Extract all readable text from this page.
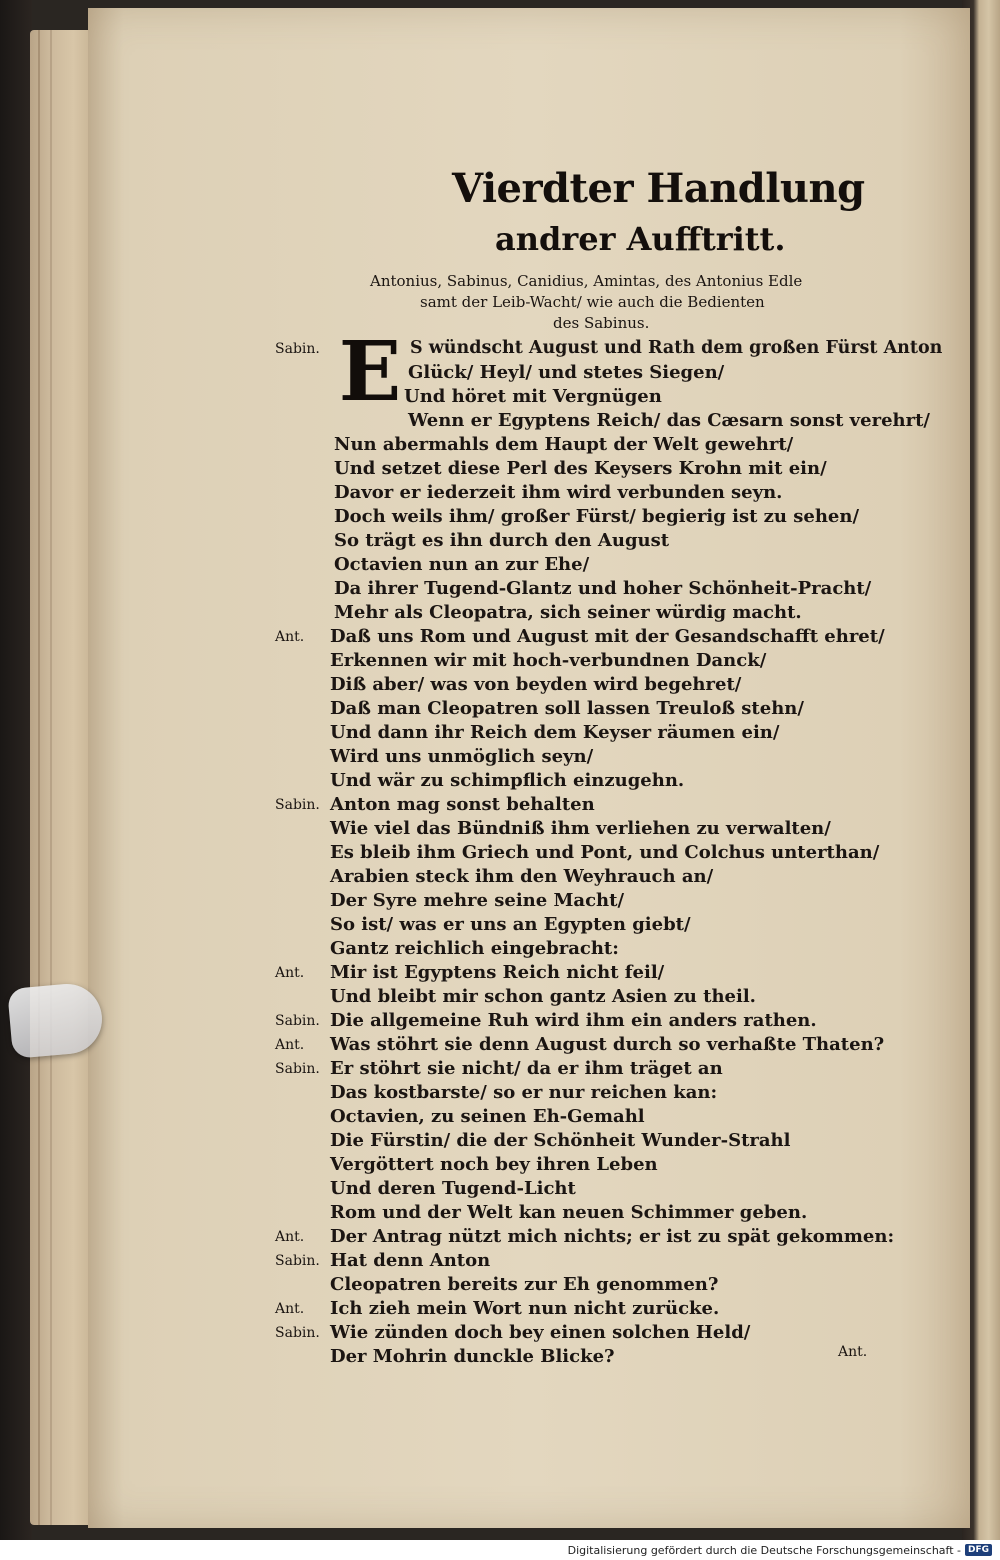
Vierdter Handlung
andrer Aufftritt.
Antonius, Sabinus, Canidius, Amintas, des Antonius Edle
samt der Leib-Wacht/ wie auch die Bedienten
des Sabinus.
E
Sabin.	S wündscht August und Rath dem großen Fürst Anton
Glück/ Heyl/ und stetes Siegen/
Und höret mit Vergnügen
Wenn er Egyptens Reich/ das Cæsarn sonst verehrt/
Nun abermahls dem Haupt der Welt gewehrt/
Und setzet diese Perl des Keysers Krohn mit ein/
Davor er iederzeit ihm wird verbunden seyn.
Doch weils ihm/ großer Fürst/ begierig ist zu sehen/
So trägt es ihn durch den August
Octavien nun an zur Ehe/
Da ihrer Tugend-Glantz und hoher Schönheit-Pracht/
Mehr als Cleopatra, sich seiner würdig macht.
Ant. Daß uns Rom und August mit der Gesandschafft ehret/
Erkennen wir mit hoch-verbundnen Danck/
Diß aber/ was von beyden wird begehret/
Daß man Cleopatren soll lassen Treuloß stehn/
Und dann ihr Reich dem Keyser räumen ein/
Wird uns unmöglich seyn/
Und wär zu schimpflich einzugehn.
Sabin. Anton mag sonst behalten
Wie viel das Bündniß ihm verliehen zu verwalten/
Es bleib ihm Griech und Pont, und Colchus unterthan/
Arabien steck ihm den Weyhrauch an/
Der Syre mehre seine Macht/
So ist/ was er uns an Egypten giebt/
Gantz reichlich eingebracht:
Ant. Mir ist Egyptens Reich nicht feil/
Und bleibt mir schon gantz Asien zu theil.
Sabin. Die allgemeine Ruh wird ihm ein anders rathen.
Ant. Was stöhrt sie denn August durch so verhaßte Thaten?
Sabin. Er stöhrt sie nicht/ da er ihm träget an
Das kostbarste/ so er nur reichen kan:
Octavien, zu seinen Eh-Gemahl
Die Fürstin/ die der Schönheit Wunder-Strahl
Vergöttert noch bey ihren Leben
Und deren Tugend-Licht
Rom und der Welt kan neuen Schimmer geben.
Ant. Der Antrag nützt mich nichts; er ist zu spät gekommen:
Sabin. Hat denn Anton
Cleopatren bereits zur Eh genommen?
Ant. Ich zieh mein Wort nun nicht zurücke.
Sabin. Wie zünden doch bey einen solchen Held/
Der Mohrin dunckle Blicke?	Ant.
Digitalisierung gefördert durch die Deutsche Forschungsgemeinschaft - DFG
